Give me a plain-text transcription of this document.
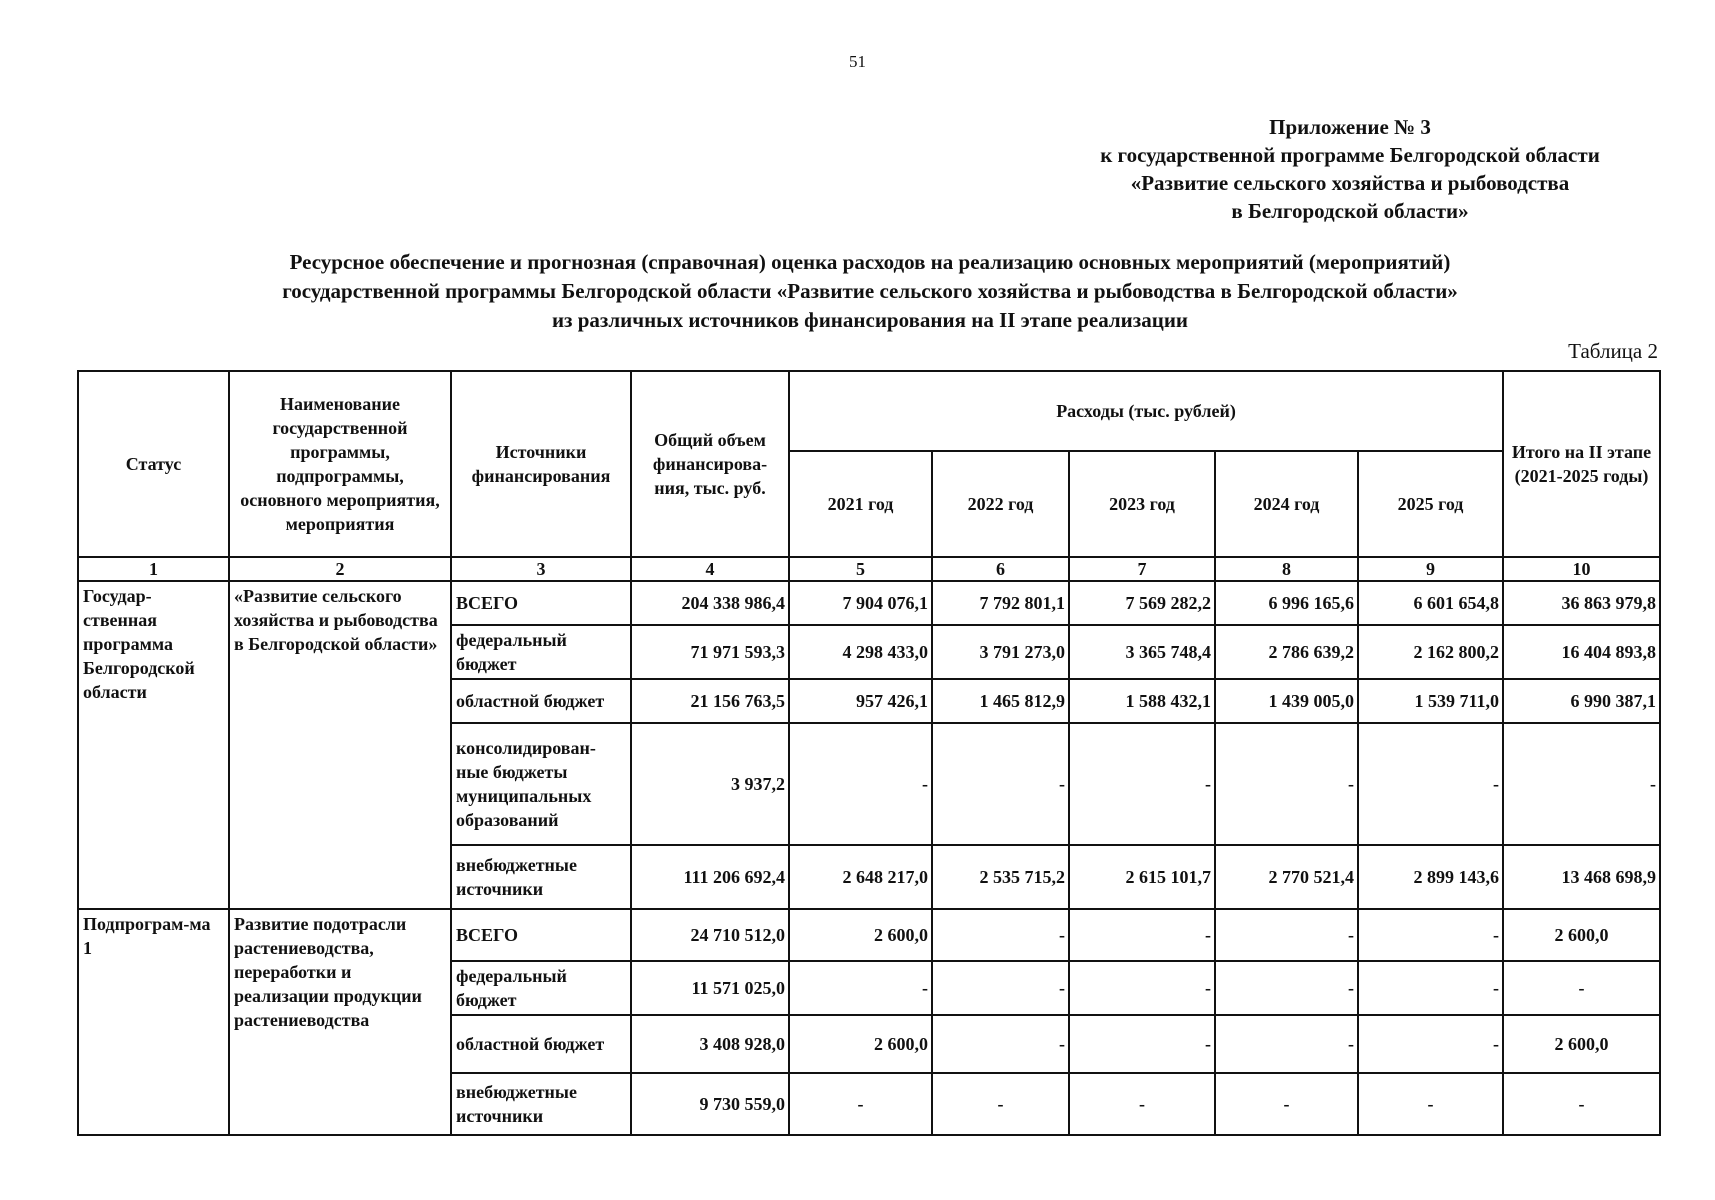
51
Приложение № 3
к государственной программе Белгородской области
«Развитие сельского хозяйства и рыбоводства
в Белгородской области»
Ресурсное обеспечение и прогнозная (справочная) оценка расходов на реализацию основных мероприятий (мероприятий)
государственной программы Белгородской области «Развитие сельского хозяйства и рыбоводства в Белгородской области»
из различных источников финансирования на II этапе реализации
Таблица 2
Статус	Наименование государственной программы, подпрограммы, основного мероприятия, мероприятия	Источники финансирования	Общий объем финансирова-ния, тыс. руб.	Расходы (тыс. рублей)					Итого на II этапе (2021-2025 годы)
				2021 год	2022 год	2023 год	2024 год	2025 год	
1	2	3	4	5	6	7	8	9	10
Государ-ственная программа Белгородской области	«Развитие сельского хозяйства и рыбоводства в Белгородской области»	ВСЕГО	204 338 986,4	7 904 076,1	7 792 801,1	7 569 282,2	6 996 165,6	6 601 654,8	36 863 979,8
		федеральный бюджет	71 971 593,3	4 298 433,0	3 791 273,0	3 365 748,4	2 786 639,2	2 162 800,2	16 404 893,8
		областной бюджет	21 156 763,5	957 426,1	1 465 812,9	1 588 432,1	1 439 005,0	1 539 711,0	6 990 387,1
		консолидирован-ные бюджеты муниципальных образований	3 937,2	-	-	-	-	-	-
		внебюджетные источники	111 206 692,4	2 648 217,0	2 535 715,2	2 615 101,7	2 770 521,4	2 899 143,6	13 468 698,9
Подпрограм-ма 1	Развитие подотрасли растениеводства, переработки и реализации продукции растениеводства	ВСЕГО	24 710 512,0	2 600,0	-	-	-	-	2 600,0
		федеральный бюджет	11 571 025,0	-	-	-	-	-	-
		областной бюджет	3 408 928,0	2 600,0	-	-	-	-	2 600,0
		внебюджетные источники	9 730 559,0	-	-	-	-	-	-
